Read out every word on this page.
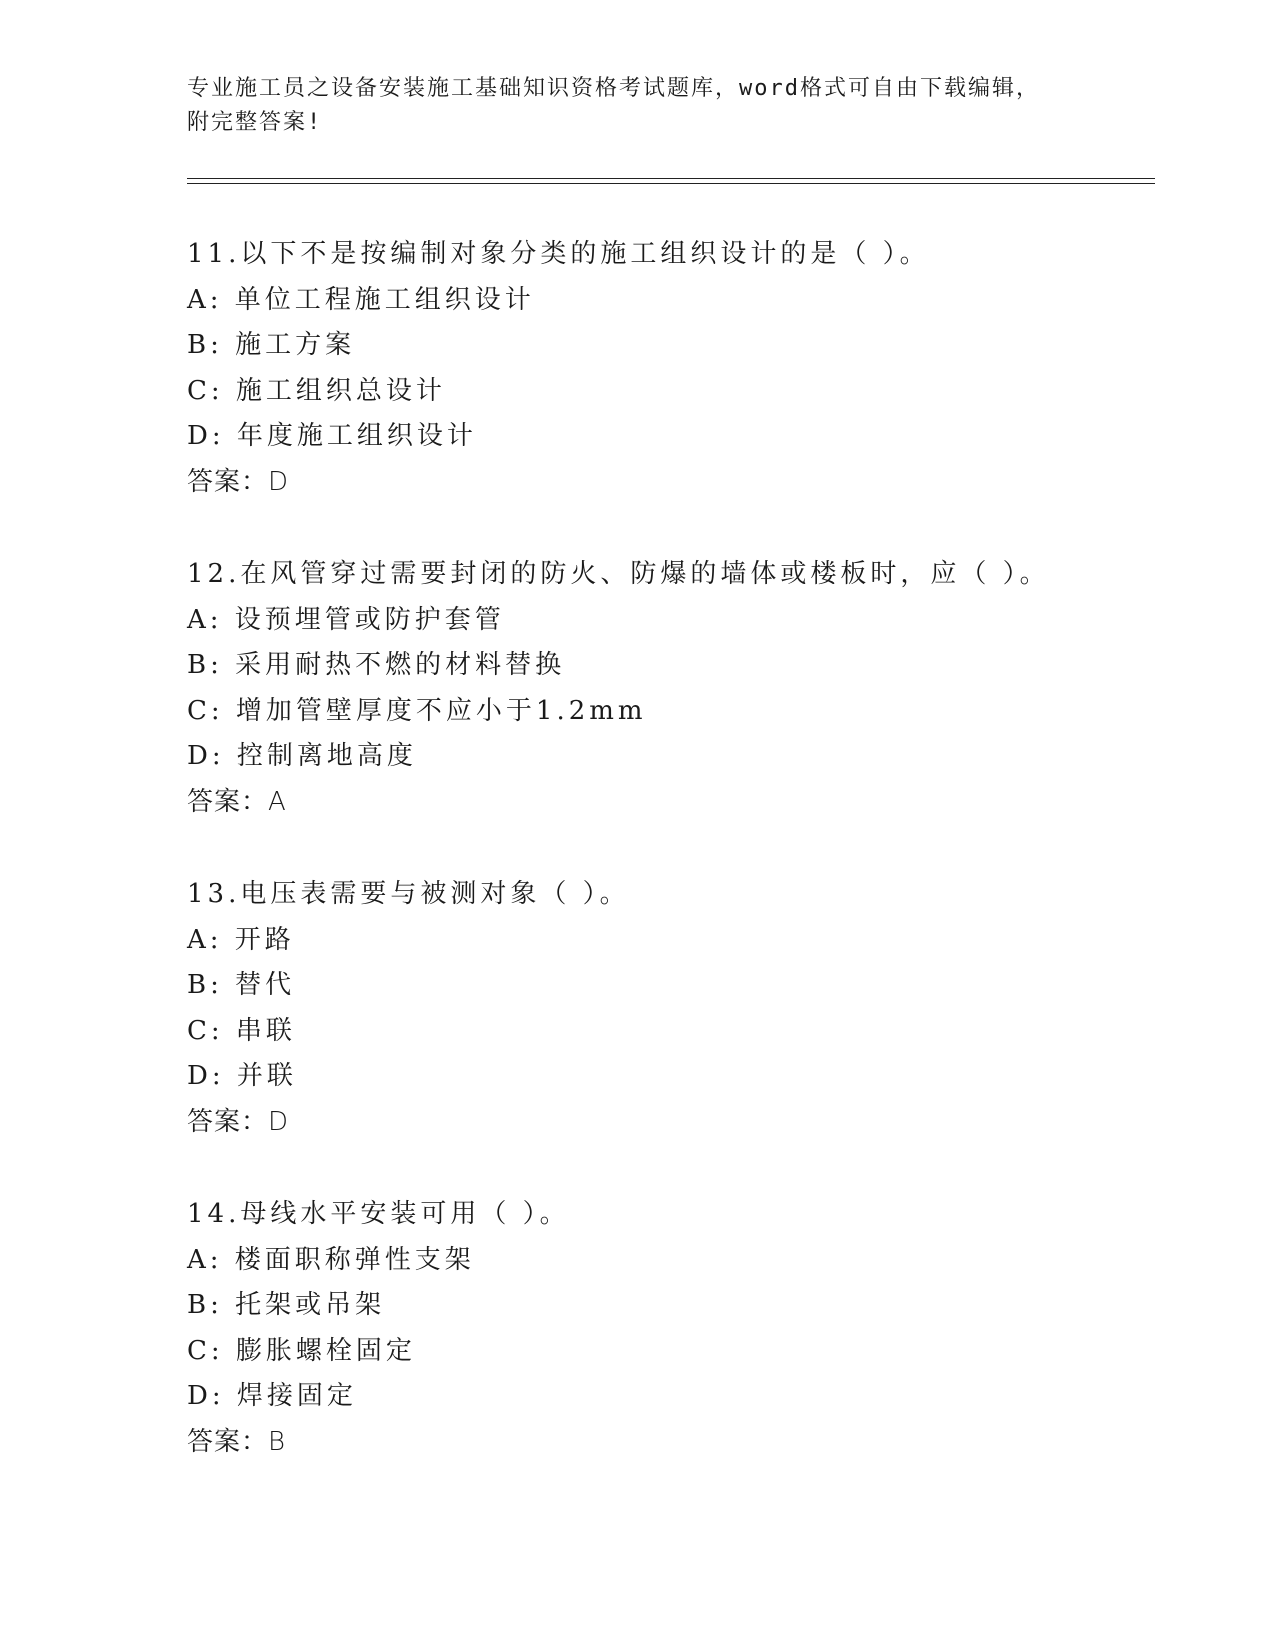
专业施工员之设备安装施工基础知识资格考试题库，word格式可自由下载编辑，
附完整答案!
11.以下不是按编制对象分类的施工组织设计的是（ ）。
A: 单位工程施工组织设计
B: 施工方案
C: 施工组织总设计
D: 年度施工组织设计
答案：D
12.在风管穿过需要封闭的防火、防爆的墙体或楼板时，应（ ）。
A: 设预埋管或防护套管
B: 采用耐热不燃的材料替换
C: 增加管壁厚度不应小于1.2mm
D: 控制离地高度
答案：A
13.电压表需要与被测对象（ ）。
A: 开路
B: 替代
C: 串联
D: 并联
答案：D
14.母线水平安装可用（ ）。
A: 楼面职称弹性支架
B: 托架或吊架
C: 膨胀螺栓固定
D: 焊接固定
答案：B
